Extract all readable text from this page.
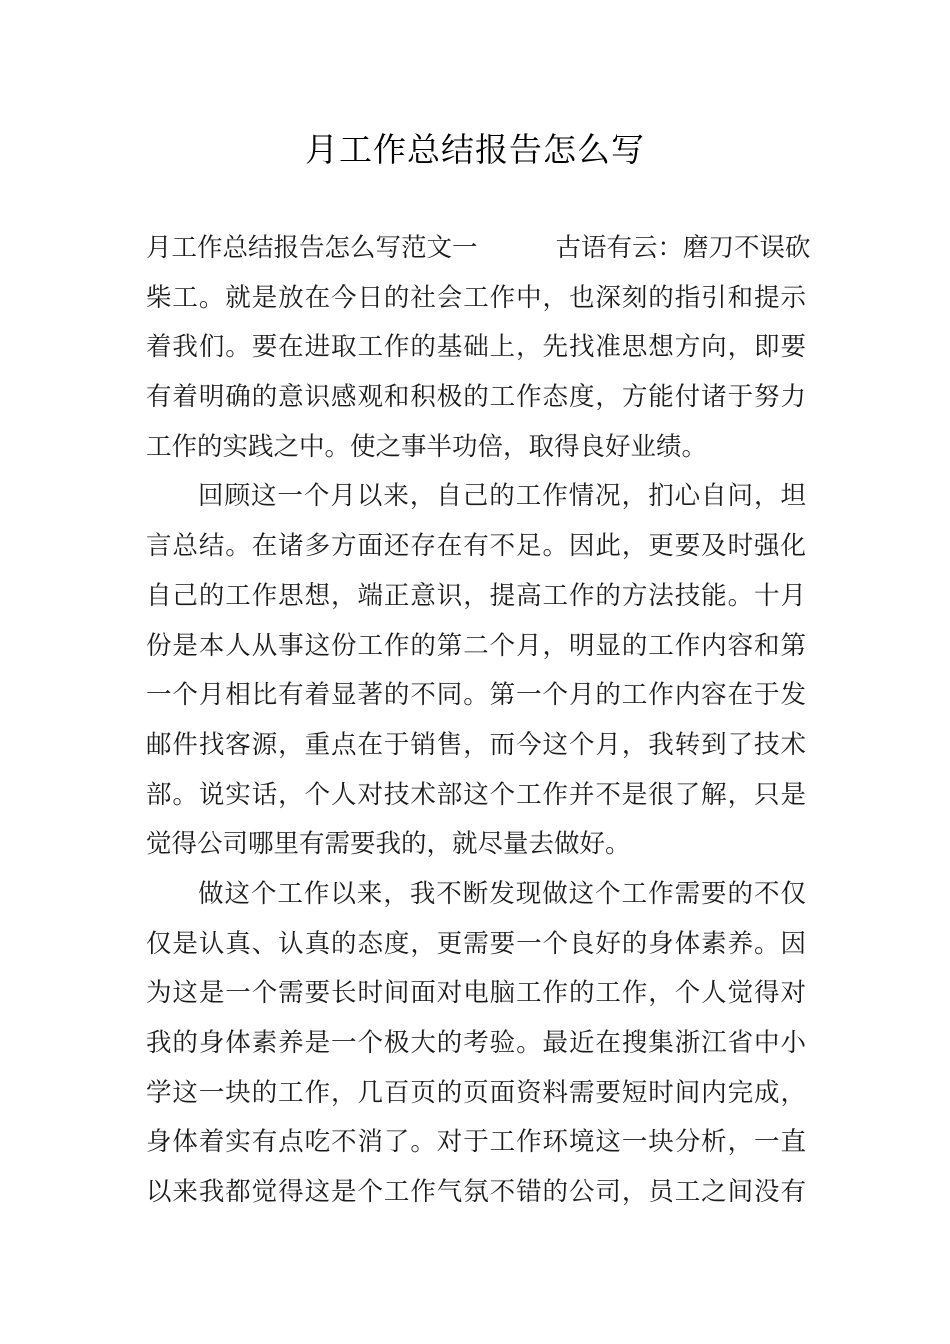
月工作总结报告怎么写
月工作总结报告怎么写范文一	古语有云：磨刀不误砍
柴工。就是放在今日的社会工作中，也深刻的指引和提示
着我们。要在进取工作的基础上，先找准思想方向，即要
有着明确的意识感观和积极的工作态度，方能付诸于努力
工作的实践之中。使之事半功倍，取得良好业绩。
回顾这一个月以来，自己的工作情况，扪心自问，坦
言总结。在诸多方面还存在有不足。因此，更要及时强化
自己的工作思想，端正意识，提高工作的方法技能。十月
份是本人从事这份工作的第二个月，明显的工作内容和第
一个月相比有着显著的不同。第一个月的工作内容在于发
邮件找客源，重点在于销售，而今这个月，我转到了技术
部。说实话，个人对技术部这个工作并不是很了解，只是
觉得公司哪里有需要我的，就尽量去做好。
做这个工作以来，我不断发现做这个工作需要的不仅
仅是认真、认真的态度，更需要一个良好的身体素养。因
为这是一个需要长时间面对电脑工作的工作，个人觉得对
我的身体素养是一个极大的考验。最近在搜集浙江省中小
学这一块的工作，几百页的页面资料需要短时间内完成，
身体着实有点吃不消了。对于工作环境这一块分析，一直
以来我都觉得这是个工作气氛不错的公司，员工之间没有
